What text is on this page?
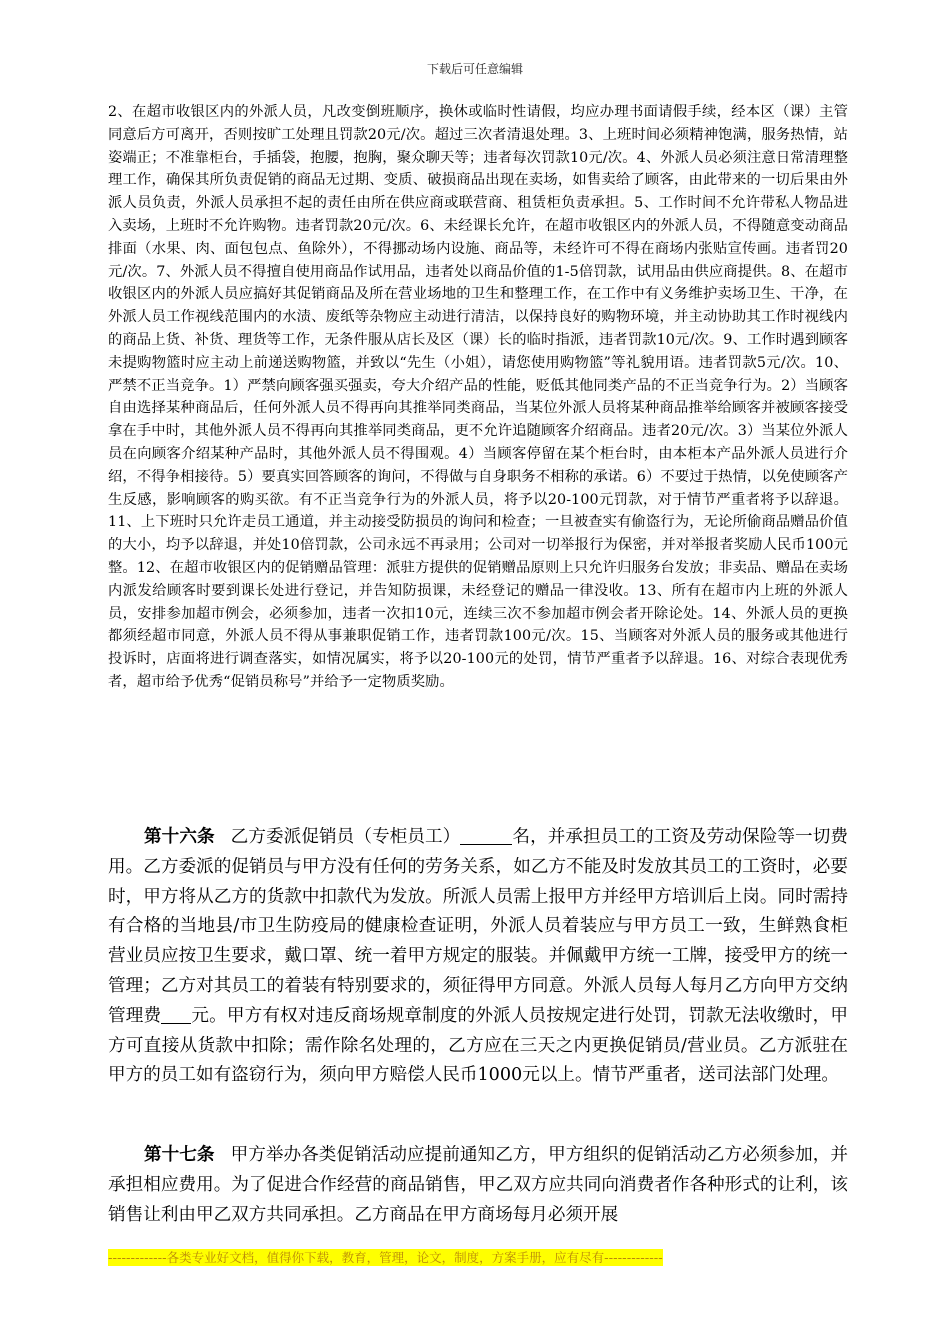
下载后可任意编辑
2、在超市收银区内的外派人员，凡改变倒班顺序，换休或临时性请假，均应办理书面请假手续，经本区（课）主管同意后方可离开，否则按旷工处理且罚款20元/次。超过三次者清退处理。3、上班时间必须精神饱满，服务热情，站姿端正；不准靠柜台，手插袋，抱腰，抱胸，聚众聊天等；违者每次罚款10元/次。4、外派人员必须注意日常清理整理工作，确保其所负责促销的商品无过期、变质、破损商品出现在卖场，如售卖给了顾客，由此带来的一切后果由外派人员负责，外派人员承担不起的责任由所在供应商或联营商、租赁柜负责承担。5、工作时间不允许带私人物品进入卖场，上班时不允许购物。违者罚款20元/次。6、未经课长允许，在超市收银区内的外派人员，不得随意变动商品排面（水果、肉、面包包点、鱼除外），不得挪动场内设施、商品等，未经许可不得在商场内张贴宣传画。违者罚20元/次。7、外派人员不得擅自使用商品作试用品，违者处以商品价值的1-5倍罚款，试用品由供应商提供。8、在超市收银区内的外派人员应搞好其促销商品及所在营业场地的卫生和整理工作，在工作中有义务维护卖场卫生、干净，在外派人员工作视线范围内的水渍、废纸等杂物应主动进行清洁，以保持良好的购物环境，并主动协助其工作时视线内的商品上货、补货、理货等工作，无条件服从店长及区（课）长的临时指派，违者罚款10元/次。9、工作时遇到顾客未提购物篮时应主动上前递送购物篮，并致以“先生（小姐），请您使用购物篮”等礼貌用语。违者罚款5元/次。10、严禁不正当竞争。1）严禁向顾客强买强卖，夸大介绍产品的性能，贬低其他同类产品的不正当竞争行为。2）当顾客自由选择某种商品后，任何外派人员不得再向其推举同类商品，当某位外派人员将某种商品推举给顾客并被顾客接受拿在手中时，其他外派人员不得再向其推举同类商品，更不允许追随顾客介绍商品。违者20元/次。3）当某位外派人员在向顾客介绍某种产品时，其他外派人员不得围观。4）当顾客停留在某个柜台时，由本柜本产品外派人员进行介绍，不得争相接待。5）要真实回答顾客的询问，不得做与自身职务不相称的承诺。6）不要过于热情，以免使顾客产生反感，影响顾客的购买欲。有不正当竞争行为的外派人员，将予以20-100元罚款，对于情节严重者将予以辞退。11、上下班时只允许走员工通道，并主动接受防损员的询问和检查；一旦被查实有偷盗行为，无论所偷商品赠品价值的大小，均予以辞退，并处10倍罚款，公司永远不再录用；公司对一切举报行为保密，并对举报者奖励人民币100元整。12、在超市收银区内的促销赠品管理：派驻方提供的促销赠品原则上只允许归服务台发放；非卖品、赠品在卖场内派发给顾客时要到课长处进行登记，并告知防损课，未经登记的赠品一律没收。13、所有在超市内上班的外派人员，安排参加超市例会，必须参加，违者一次扣10元，连续三次不参加超市例会者开除论处。14、外派人员的更换都须经超市同意，外派人员不得从事兼职促销工作，违者罚款100元/次。15、当顾客对外派人员的服务或其他进行投诉时，店面将进行调查落实，如情况属实，将予以20-100元的处罚，情节严重者予以辞退。16、对综合表现优秀者，超市给予优秀“促销员称号”并给予一定物质奖励。
第十六条 乙方委派促销员（专柜员工）	名，并承担员工的工资及劳动保险等一切费用。乙方委派的促销员与甲方没有任何的劳务关系，如乙方不能及时发放其员工的工资时，必要时，甲方将从乙方的货款中扣款代为发放。所派人员需上报甲方并经甲方培训后上岗。同时需持有合格的当地县/市卫生防疫局的健康检查证明，外派人员着装应与甲方员工一致，生鲜熟食柜营业员应按卫生要求，戴口罩、统一着甲方规定的服装。并佩戴甲方统一工牌，接受甲方的统一管理；乙方对其员工的着装有特别要求的，须征得甲方同意。外派人员每人每月乙方向甲方交纳管理费 元。甲方有权对违反商场规章制度的外派人员按规定进行处罚，罚款无法收缴时，甲方可直接从货款中扣除；需作除名处理的，乙方应在三天之内更换促销员/营业员。乙方派驻在甲方的员工如有盗窃行为，须向甲方赔偿人民币1000元以上。情节严重者，送司法部门处理。
第十七条 甲方举办各类促销活动应提前通知乙方，甲方组织的促销活动乙方必须参加，并承担相应费用。为了促进合作经营的商品销售，甲乙双方应共同向消费者作各种形式的让利，该销售让利由甲乙双方共同承担。乙方商品在甲方商场每月必须开展
-------------各类专业好文档，值得你下载，教育，管理，论文，制度，方案手册，应有尽有-------------
